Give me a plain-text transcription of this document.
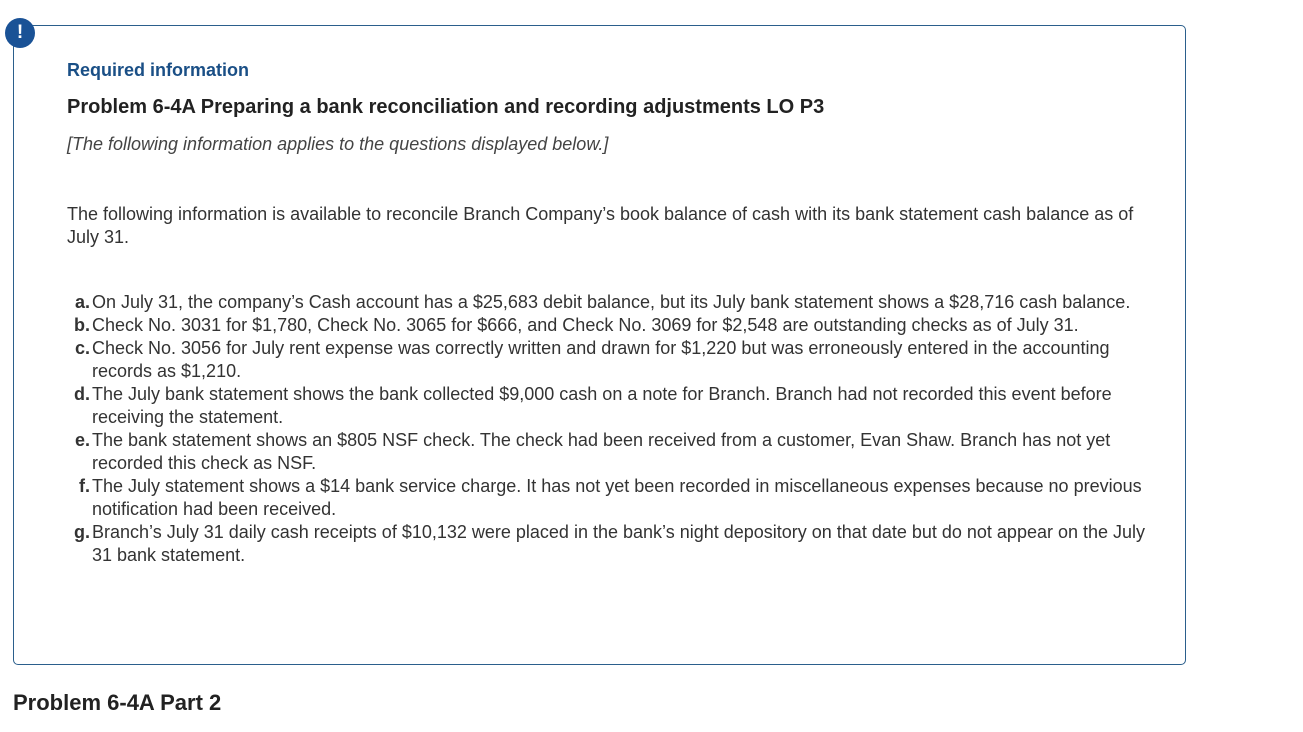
!
Required information
Problem 6-4A Preparing a bank reconciliation and recording adjustments LO P3
[The following information applies to the questions displayed below.]
The following information is available to reconcile Branch Company’s book balance of cash with its bank statement cash balance as of July 31.
a. On July 31, the company’s Cash account has a $25,683 debit balance, but its July bank statement shows a $28,716 cash balance.
b. Check No. 3031 for $1,780, Check No. 3065 for $666, and Check No. 3069 for $2,548 are outstanding checks as of July 31.
c. Check No. 3056 for July rent expense was correctly written and drawn for $1,220 but was erroneously entered in the accounting records as $1,210.
d. The July bank statement shows the bank collected $9,000 cash on a note for Branch. Branch had not recorded this event before receiving the statement.
e. The bank statement shows an $805 NSF check. The check had been received from a customer, Evan Shaw. Branch has not yet recorded this check as NSF.
f. The July statement shows a $14 bank service charge. It has not yet been recorded in miscellaneous expenses because no previous notification had been received.
g. Branch’s July 31 daily cash receipts of $10,132 were placed in the bank’s night depository on that date but do not appear on the July 31 bank statement.
Problem 6-4A Part 2
